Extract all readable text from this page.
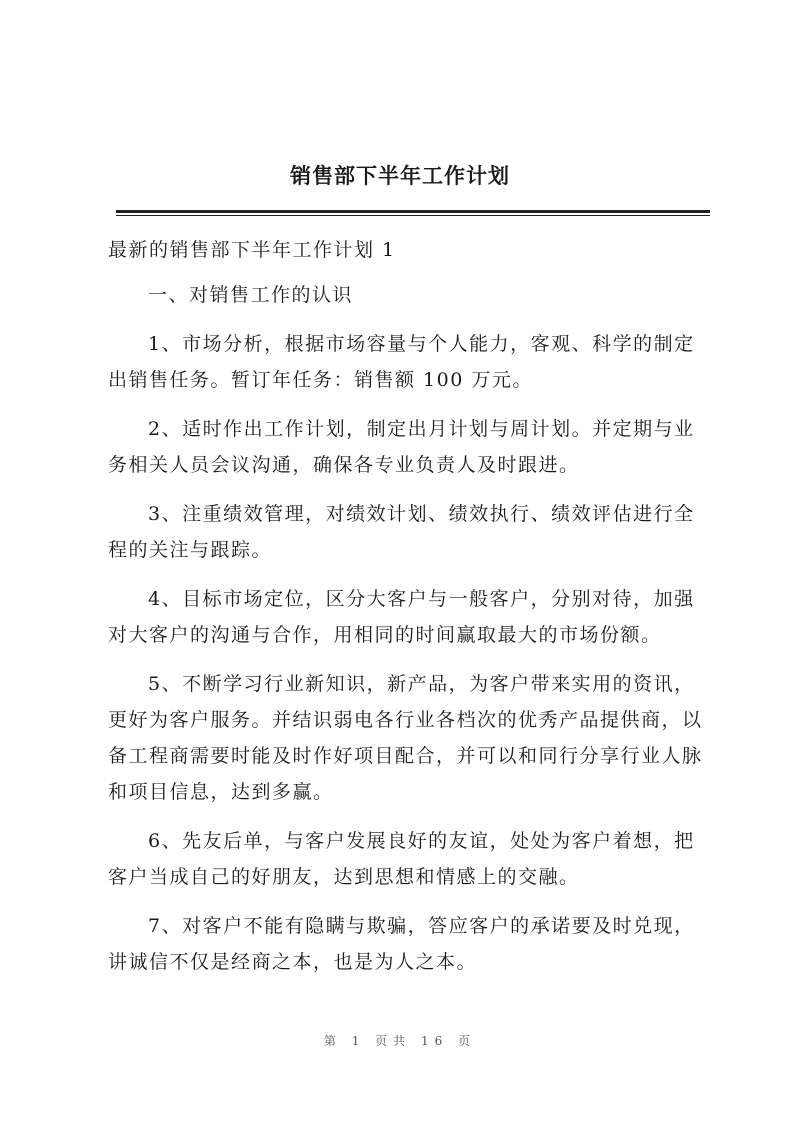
销售部下半年工作计划

最新的销售部下半年工作计划 1

一、对销售工作的认识

1、市场分析，根据市场容量与个人能力，客观、科学的制定出销售任务。暂订年任务：销售额 100 万元。

2、适时作出工作计划，制定出月计划与周计划。并定期与业务相关人员会议沟通，确保各专业负责人及时跟进。

3、注重绩效管理，对绩效计划、绩效执行、绩效评估进行全程的关注与跟踪。

4、目标市场定位，区分大客户与一般客户，分别对待，加强对大客户的沟通与合作，用相同的时间赢取最大的市场份额。

5、不断学习行业新知识，新产品，为客户带来实用的资讯，更好为客户服务。并结识弱电各行业各档次的优秀产品提供商，以备工程商需要时能及时作好项目配合，并可以和同行分享行业人脉和项目信息，达到多赢。

6、先友后单，与客户发展良好的友谊，处处为客户着想，把客户当成自己的好朋友，达到思想和情感上的交融。

7、对客户不能有隐瞒与欺骗，答应客户的承诺要及时兑现，讲诚信不仅是经商之本，也是为人之本。

第 1 页共 16 页
